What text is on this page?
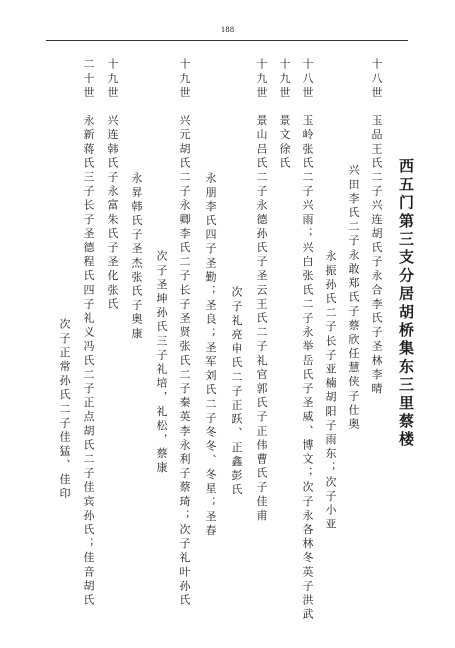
188
西五门第三支分居胡桥集东三里蔡楼
十八世　玉品王氏二子兴连胡氏子永合李氏子圣林李晴
兴田李氏二子永敢郑氏子蔡欣任慧侠子仕奥
永振孙氏二子长子亚楠胡阳子雨东；次子小亚
十八世　玉岭张氏二子兴雨；兴白张氏二子永举岳氏子圣威、博文；次子永各林冬英子洪武
十九世　景文徐氏
十九世　景山吕氏二子永德孙氏子圣云王氏二子礼官郭氏子正伟曹氏子佳甫
次子礼亮申氏二子正跃、正鑫彭氏
永朋李氏四子圣勤；圣良；圣军刘氏二子冬冬、冬星；圣春
十九世　兴元胡氏二子永卿李氏二子长子圣贤张氏二子秦英李永利子蔡琦；次子礼叶孙氏
次子圣坤孙氏三子礼培，礼松，蔡康
永昇韩氏子圣杰张氏子奥康
十九世　兴连韩氏子永富朱氏子圣化张氏
二十世　永新蒋氏三子长子圣德程氏四子礼义冯氏二子正点胡氏二子佳宾孙氏；佳音胡氏
次子正常孙氏二子佳猛、佳印
